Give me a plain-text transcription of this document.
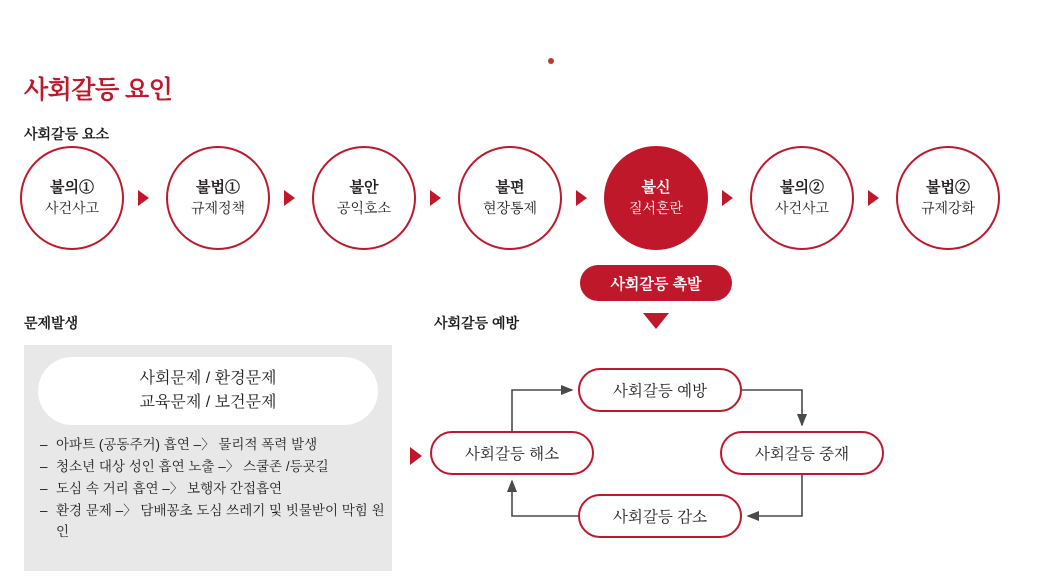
사회갈등 요인
사회갈등 요소
문제발생	사회갈등 예방
불의①
사건사고
불법①
규제정책
불안
공익호소
불편
현장통제
불신
질서혼란
불의②
사건사고
불법②
규제강화
사회갈등 촉발
사회문제 / 환경문제
교육문제 / 보건문제
– 아파트 (공동주거) 흡연 –〉 물리적 폭력 발생
– 청소년 대상 성인 흡연 노출 –〉 스쿨존 /등굣길
– 도심 속 거리 흡연 –〉 보행자 간접흡연
– 환경 문제 –〉 담배꽁초 도심 쓰레기 및 빗물받이 막힘 원인
사회갈등 예방
사회갈등 해소	사회갈등 중재
사회갈등 감소
